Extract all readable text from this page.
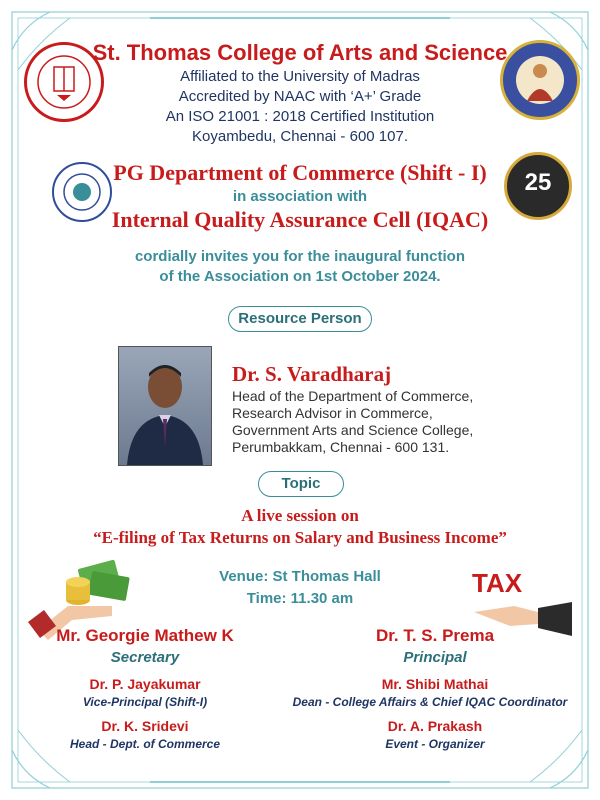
St. Thomas College of Arts and Science
Affiliated to the University of Madras
Accredited by NAAC with ‘A+’ Grade
An ISO 21001 : 2018 Certified Institution
Koyambedu, Chennai - 600 107.
25
PG Department of Commerce (Shift - I)
in association with
Internal Quality Assurance Cell (IQAC)
cordially invites you for the inaugural function
of the Association on 1st October 2024.
Resource Person
Dr. S. Varadharaj
Head of the Department of Commerce,
Research Advisor in Commerce,
Government Arts and Science College,
Perumbakkam, Chennai - 600 131.
Topic
A live session on
“E-filing of Tax Returns on Salary and Business Income”
TAX
Venue: St Thomas Hall
Time: 11.30 am
Mr. Georgie Mathew K
Secretary
Dr. P. Jayakumar
Vice-Principal (Shift-I)
Dr. K. Sridevi
Head - Dept. of Commerce
Dr. T. S. Prema
Principal
Mr. Shibi Mathai
Dean - College Affairs & Chief IQAC Coordinator
Dr. A. Prakash
Event - Organizer
